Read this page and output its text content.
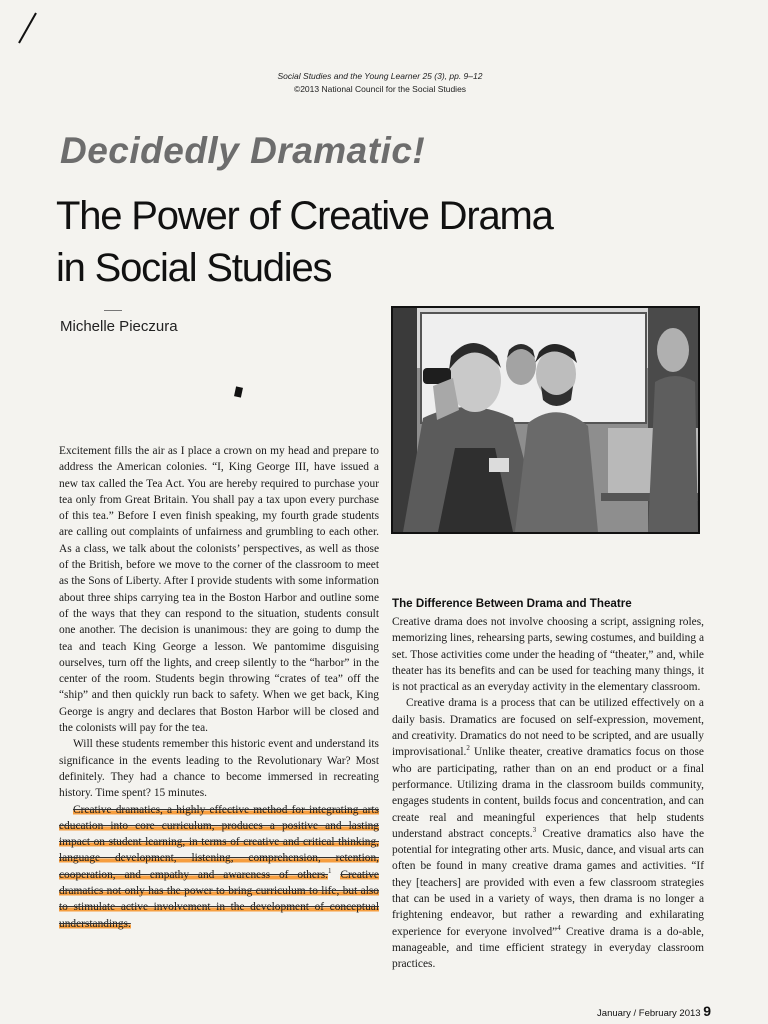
Social Studies and the Young Learner 25 (3), pp. 9–12
©2013 National Council for the Social Studies
Decidedly Dramatic!
The Power of Creative Drama
in Social Studies
Michelle Pieczura

Excitement fills the air as I place a crown on my head and prepare to address the American colonies. “I, King George III, have issued a new tax called the Tea Act. You are hereby required to purchase your tea only from Great Britain. You shall pay a tax upon every purchase of this tea.” Before I even finish speaking, my fourth grade students are calling out complaints of unfairness and grumbling to each other. As a class, we talk about the colonists’ perspectives, as well as those of the British, before we move to the corner of the classroom to meet as the Sons of Liberty. After I provide students with some information about three ships carrying tea in the Boston Harbor and outline some of the ways that they can respond to the situation, students consult one another. The decision is unanimous: they are going to dump the tea and teach King George a lesson. We pantomime disguising ourselves, turn off the lights, and creep silently to the “harbor” in the center of the room. Students begin throwing “crates of tea” off the “ship” and then quickly run back to safety. When we get back, King George is angry and declares that Boston Harbor will be closed and the colonists will pay for the tea.

Will these students remember this historic event and understand its significance in the events leading to the Revolutionary War? Most definitely. They had a chance to become immersed in recreating history. Time spent? 15 minutes.

Creative dramatics, a highly effective method for integrating arts education into core curriculum, produces a positive and lasting impact on student learning, in terms of creative and critical thinking, language development, listening, comprehension, retention, cooperation, and empathy and awareness of others.$^1$ Creative dramatics not only has the power to bring curriculum to life, but also to stimulate active involvement in the development of conceptual understandings.

The Difference Between Drama and Theatre

Creative drama does not involve choosing a script, assigning roles, memorizing lines, rehearsing parts, sewing costumes, and building a set. Those activities come under the heading of “theater,” and, while theater has its benefits and can be used for teaching many things, it is not practical as an everyday activity in the elementary classroom.

Creative drama is a process that can be utilized effectively on a daily basis. Dramatics are focused on self-expression, movement, and creativity. Dramatics do not need to be scripted, and are usually improvisational.$^2$ Unlike theater, creative dramatics focus on those who are participating, rather than on an end product or a final performance. Utilizing drama in the classroom builds community, engages students in content, builds focus and concentration, and can create real and meaningful experiences that help students understand abstract concepts.$^3$ Creative dramatics also have the potential for integrating other arts. Music, dance, and visual arts can often be found in many creative drama games and activities. “If they [teachers] are provided with even a few classroom strategies that can be used in a variety of ways, then drama is no longer a frightening endeavor, but rather a rewarding and exhilarating experience for everyone involved”$^4$ Creative drama is a do-able, manageable, and time efficient strategy in everyday classroom practices.

January / February 2013 9
